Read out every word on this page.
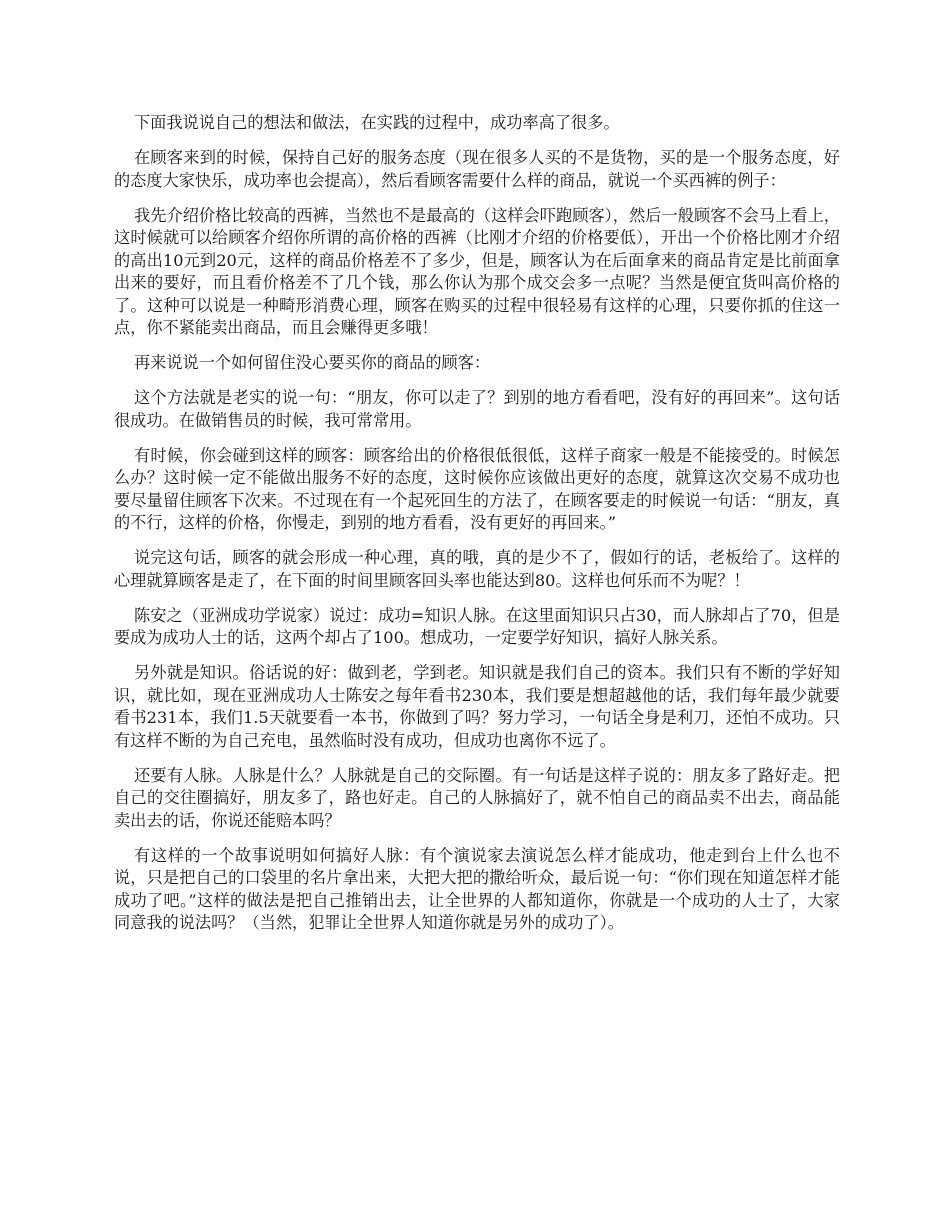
下面我说说自己的想法和做法，在实践的过程中，成功率高了很多。

在顾客来到的时候，保持自己好的服务态度（现在很多人买的不是货物，买的是一个服务态度，好的态度大家快乐，成功率也会提高），然后看顾客需要什么样的商品，就说一个买西裤的例子：

我先介绍价格比较高的西裤，当然也不是最高的（这样会吓跑顾客），然后一般顾客不会马上看上，这时候就可以给顾客介绍你所谓的高价格的西裤（比刚才介绍的价格要低），开出一个价格比刚才介绍的高出10元到20元，这样的商品价格差不了多少，但是，顾客认为在后面拿来的商品肯定是比前面拿出来的要好，而且看价格差不了几个钱，那么你认为那个成交会多一点呢？当然是便宜货叫高价格的了。这种可以说是一种畸形消费心理，顾客在购买的过程中很轻易有这样的心理，只要你抓的住这一点，你不紧能卖出商品，而且会赚得更多哦！

再来说说一个如何留住没心要买你的商品的顾客：

这个方法就是老实的说一句：“朋友，你可以走了？到别的地方看看吧，没有好的再回来”。这句话很成功。在做销售员的时候，我可常常用。

有时候，你会碰到这样的顾客：顾客给出的价格很低很低，这样子商家一般是不能接受的。时候怎么办？这时候一定不能做出服务不好的态度，这时候你应该做出更好的态度，就算这次交易不成功也要尽量留住顾客下次来。不过现在有一个起死回生的方法了，在顾客要走的时候说一句话：“朋友，真的不行，这样的价格，你慢走，到别的地方看看，没有更好的再回来。”

说完这句话，顾客的就会形成一种心理，真的哦，真的是少不了，假如行的话，老板给了。这样的心理就算顾客是走了，在下面的时间里顾客回头率也能达到80。这样也何乐而不为呢？！

陈安之（亚洲成功学说家）说过：成功=知识人脉。在这里面知识只占30，而人脉却占了70，但是要成为成功人士的话，这两个却占了100。想成功，一定要学好知识，搞好人脉关系。

另外就是知识。俗话说的好：做到老，学到老。知识就是我们自己的资本。我们只有不断的学好知识，就比如，现在亚洲成功人士陈安之每年看书230本，我们要是想超越他的话，我们每年最少就要看书231本，我们1.5天就要看一本书，你做到了吗？努力学习，一句话全身是利刀，还怕不成功。只有这样不断的为自己充电，虽然临时没有成功，但成功也离你不远了。

还要有人脉。人脉是什么？人脉就是自己的交际圈。有一句话是这样子说的：朋友多了路好走。把自己的交往圈搞好，朋友多了，路也好走。自己的人脉搞好了，就不怕自己的商品卖不出去，商品能卖出去的话，你说还能赔本吗？

有这样的一个故事说明如何搞好人脉：有个演说家去演说怎么样才能成功，他走到台上什么也不说，只是把自己的口袋里的名片拿出来，大把大把的撒给听众，最后说一句：“你们现在知道怎样才能成功了吧。”这样的做法是把自己推销出去，让全世界的人都知道你，你就是一个成功的人士了，大家同意我的说法吗？（当然，犯罪让全世界人知道你就是另外的成功了）。
